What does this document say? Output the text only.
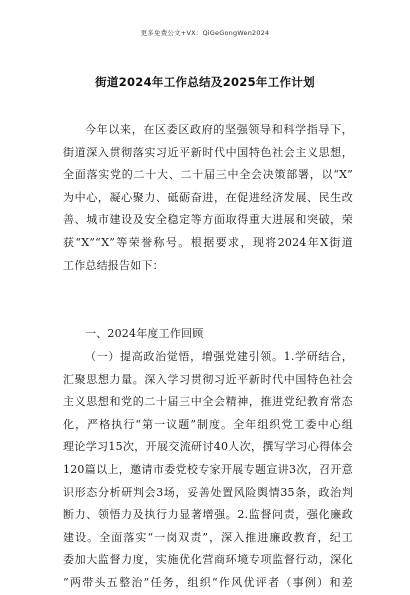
更多免费公文+VX：QiGeGongWen2024
街道2024年工作总结及2025年工作计划
今年以来，在区委区政府的坚强领导和科学指导下，
街道深入贯彻落实习近平新时代中国特色社会主义思想，
全面落实党的二十大、二十届三中全会决策部署，以“X”
为中心，凝心聚力、砥砺奋进，在促进经济发展、民生改
善、城市建设及安全稳定等方面取得重大进展和突破，荣
获“X”“X”等荣誉称号。根据要求，现将2024年X街道
工作总结报告如下：
一、2024年度工作回顾
（一）提高政治觉悟，增强党建引领。1.学研结合，
汇聚思想力量。深入学习贯彻习近平新时代中国特色社会
主义思想和党的二十届三中全会精神，推进党纪教育常态
化，严格执行“第一议题”制度。全年组织党工委中心组
理论学习15次，开展交流研讨40人次，撰写学习心得体会
120篇以上，邀请市委党校专家开展专题宣讲3次，召开意
识形态分析研判会3场，妥善处置风险舆情35条，政治判
断力、领悟力及执行力显著增强。2.监督问责，强化廉政
建设。全面落实“一岗双责”，深入推进廉政教育，纪工
委加大监督力度，实施优化营商环境专项监督行动，深化
“两带头五整治”任务，组织“作风优评者（事例）和差
